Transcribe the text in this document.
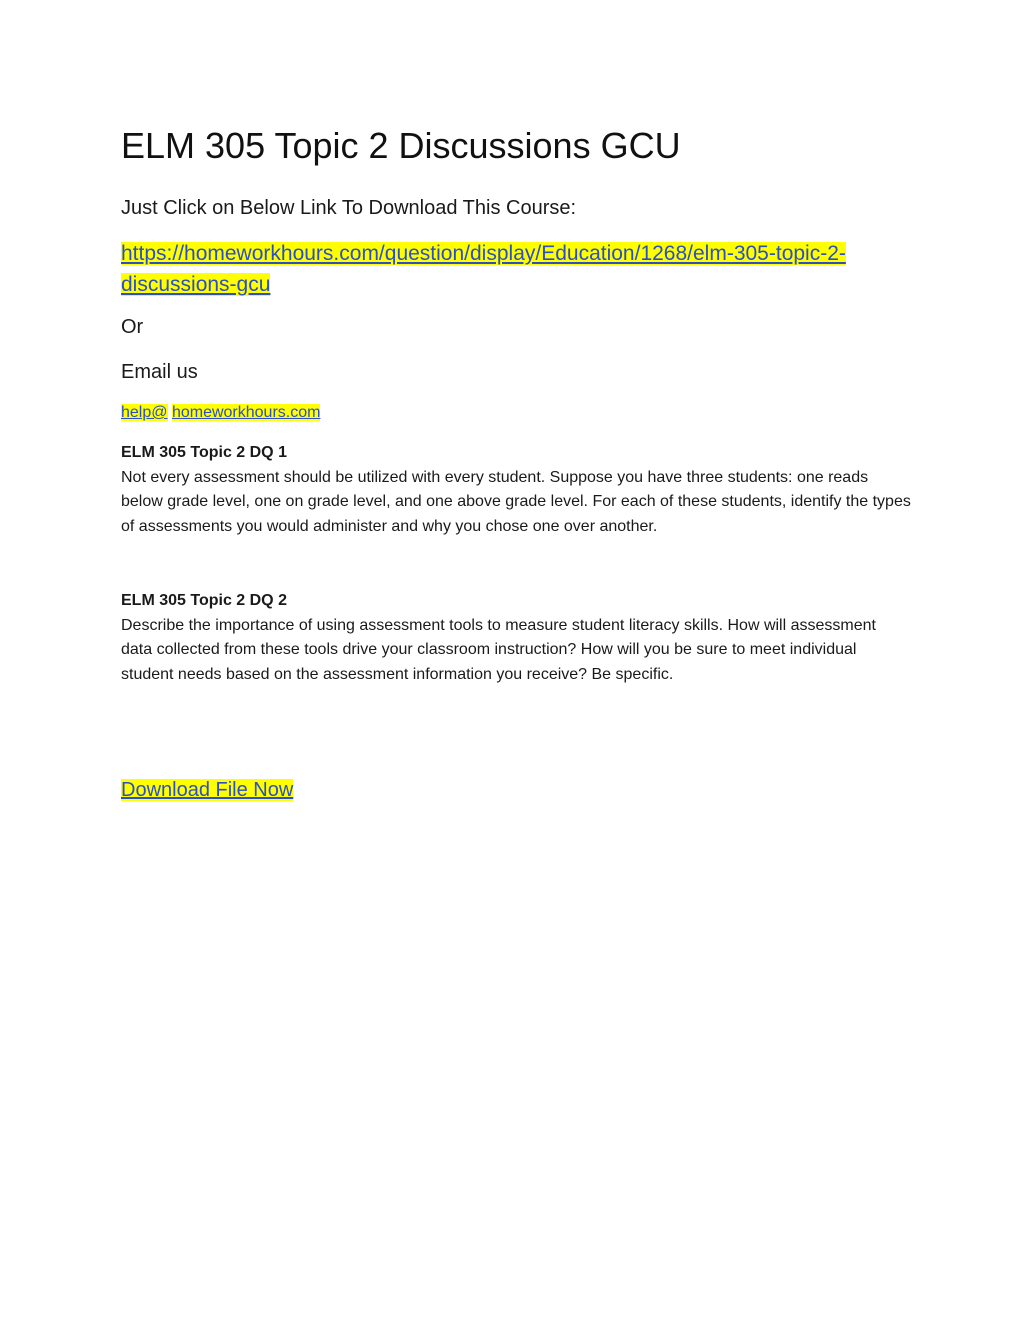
ELM 305 Topic 2 Discussions GCU
Just Click on Below Link To Download This Course:
https://homeworkhours.com/question/display/Education/1268/elm-305-topic-2-discussions-gcu
Or
Email us
help@ homeworkhours.com

ELM 305 Topic 2 DQ 1

Not every assessment should be utilized with every student. Suppose you have three students: one reads below grade level, one on grade level, and one above grade level. For each of these students, identify the types of assessments you would administer and why you chose one over another.

ELM 305 Topic 2 DQ 2

Describe the importance of using assessment tools to measure student literacy skills. How will assessment data collected from these tools drive your classroom instruction? How will you be sure to meet individual student needs based on the assessment information you receive? Be specific.

Download File Now
